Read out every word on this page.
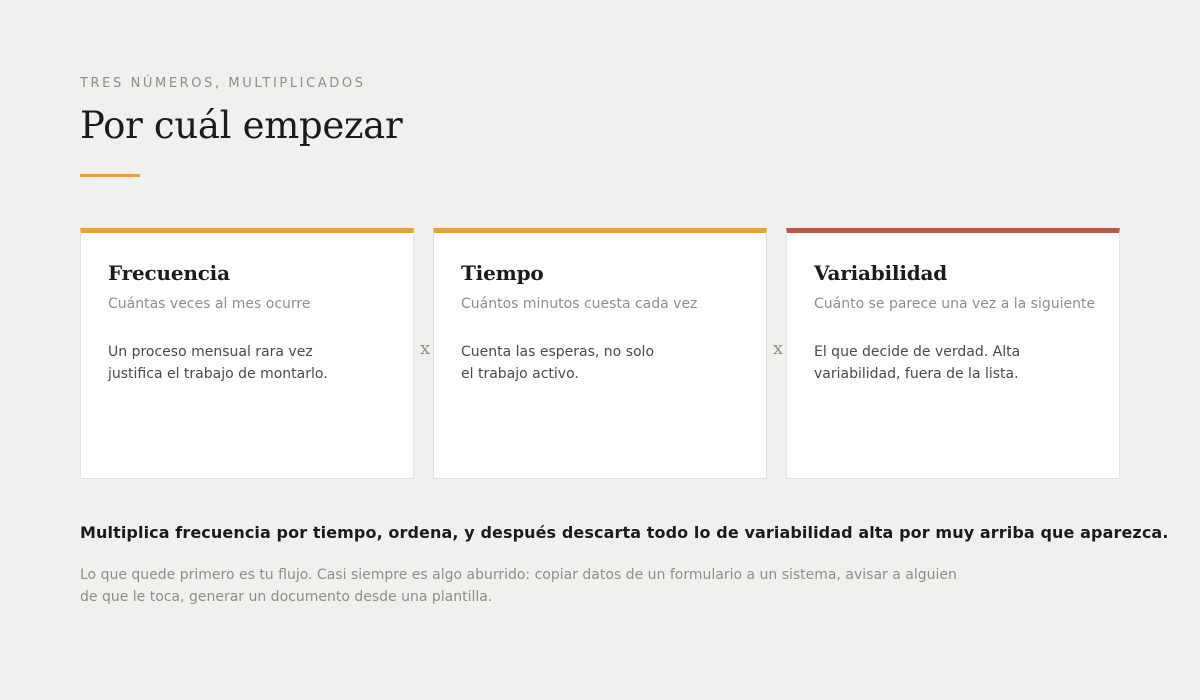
TRES NÚMEROS, MULTIPLICADOS
Por cuál empezar
Frecuencia
Cuántas veces al mes ocurre
Un proceso mensual rara vez
justifica el trabajo de montarlo.
x
Tiempo
Cuántos minutos cuesta cada vez
Cuenta las esperas, no solo
el trabajo activo.
x
Variabilidad
Cuánto se parece una vez a la siguiente
El que decide de verdad. Alta
variabilidad, fuera de la lista.
Multiplica frecuencia por tiempo, ordena, y después descarta todo lo de variabilidad alta por muy arriba que aparezca.
Lo que quede primero es tu flujo. Casi siempre es algo aburrido: copiar datos de un formulario a un sistema, avisar a alguien
de que le toca, generar un documento desde una plantilla.
